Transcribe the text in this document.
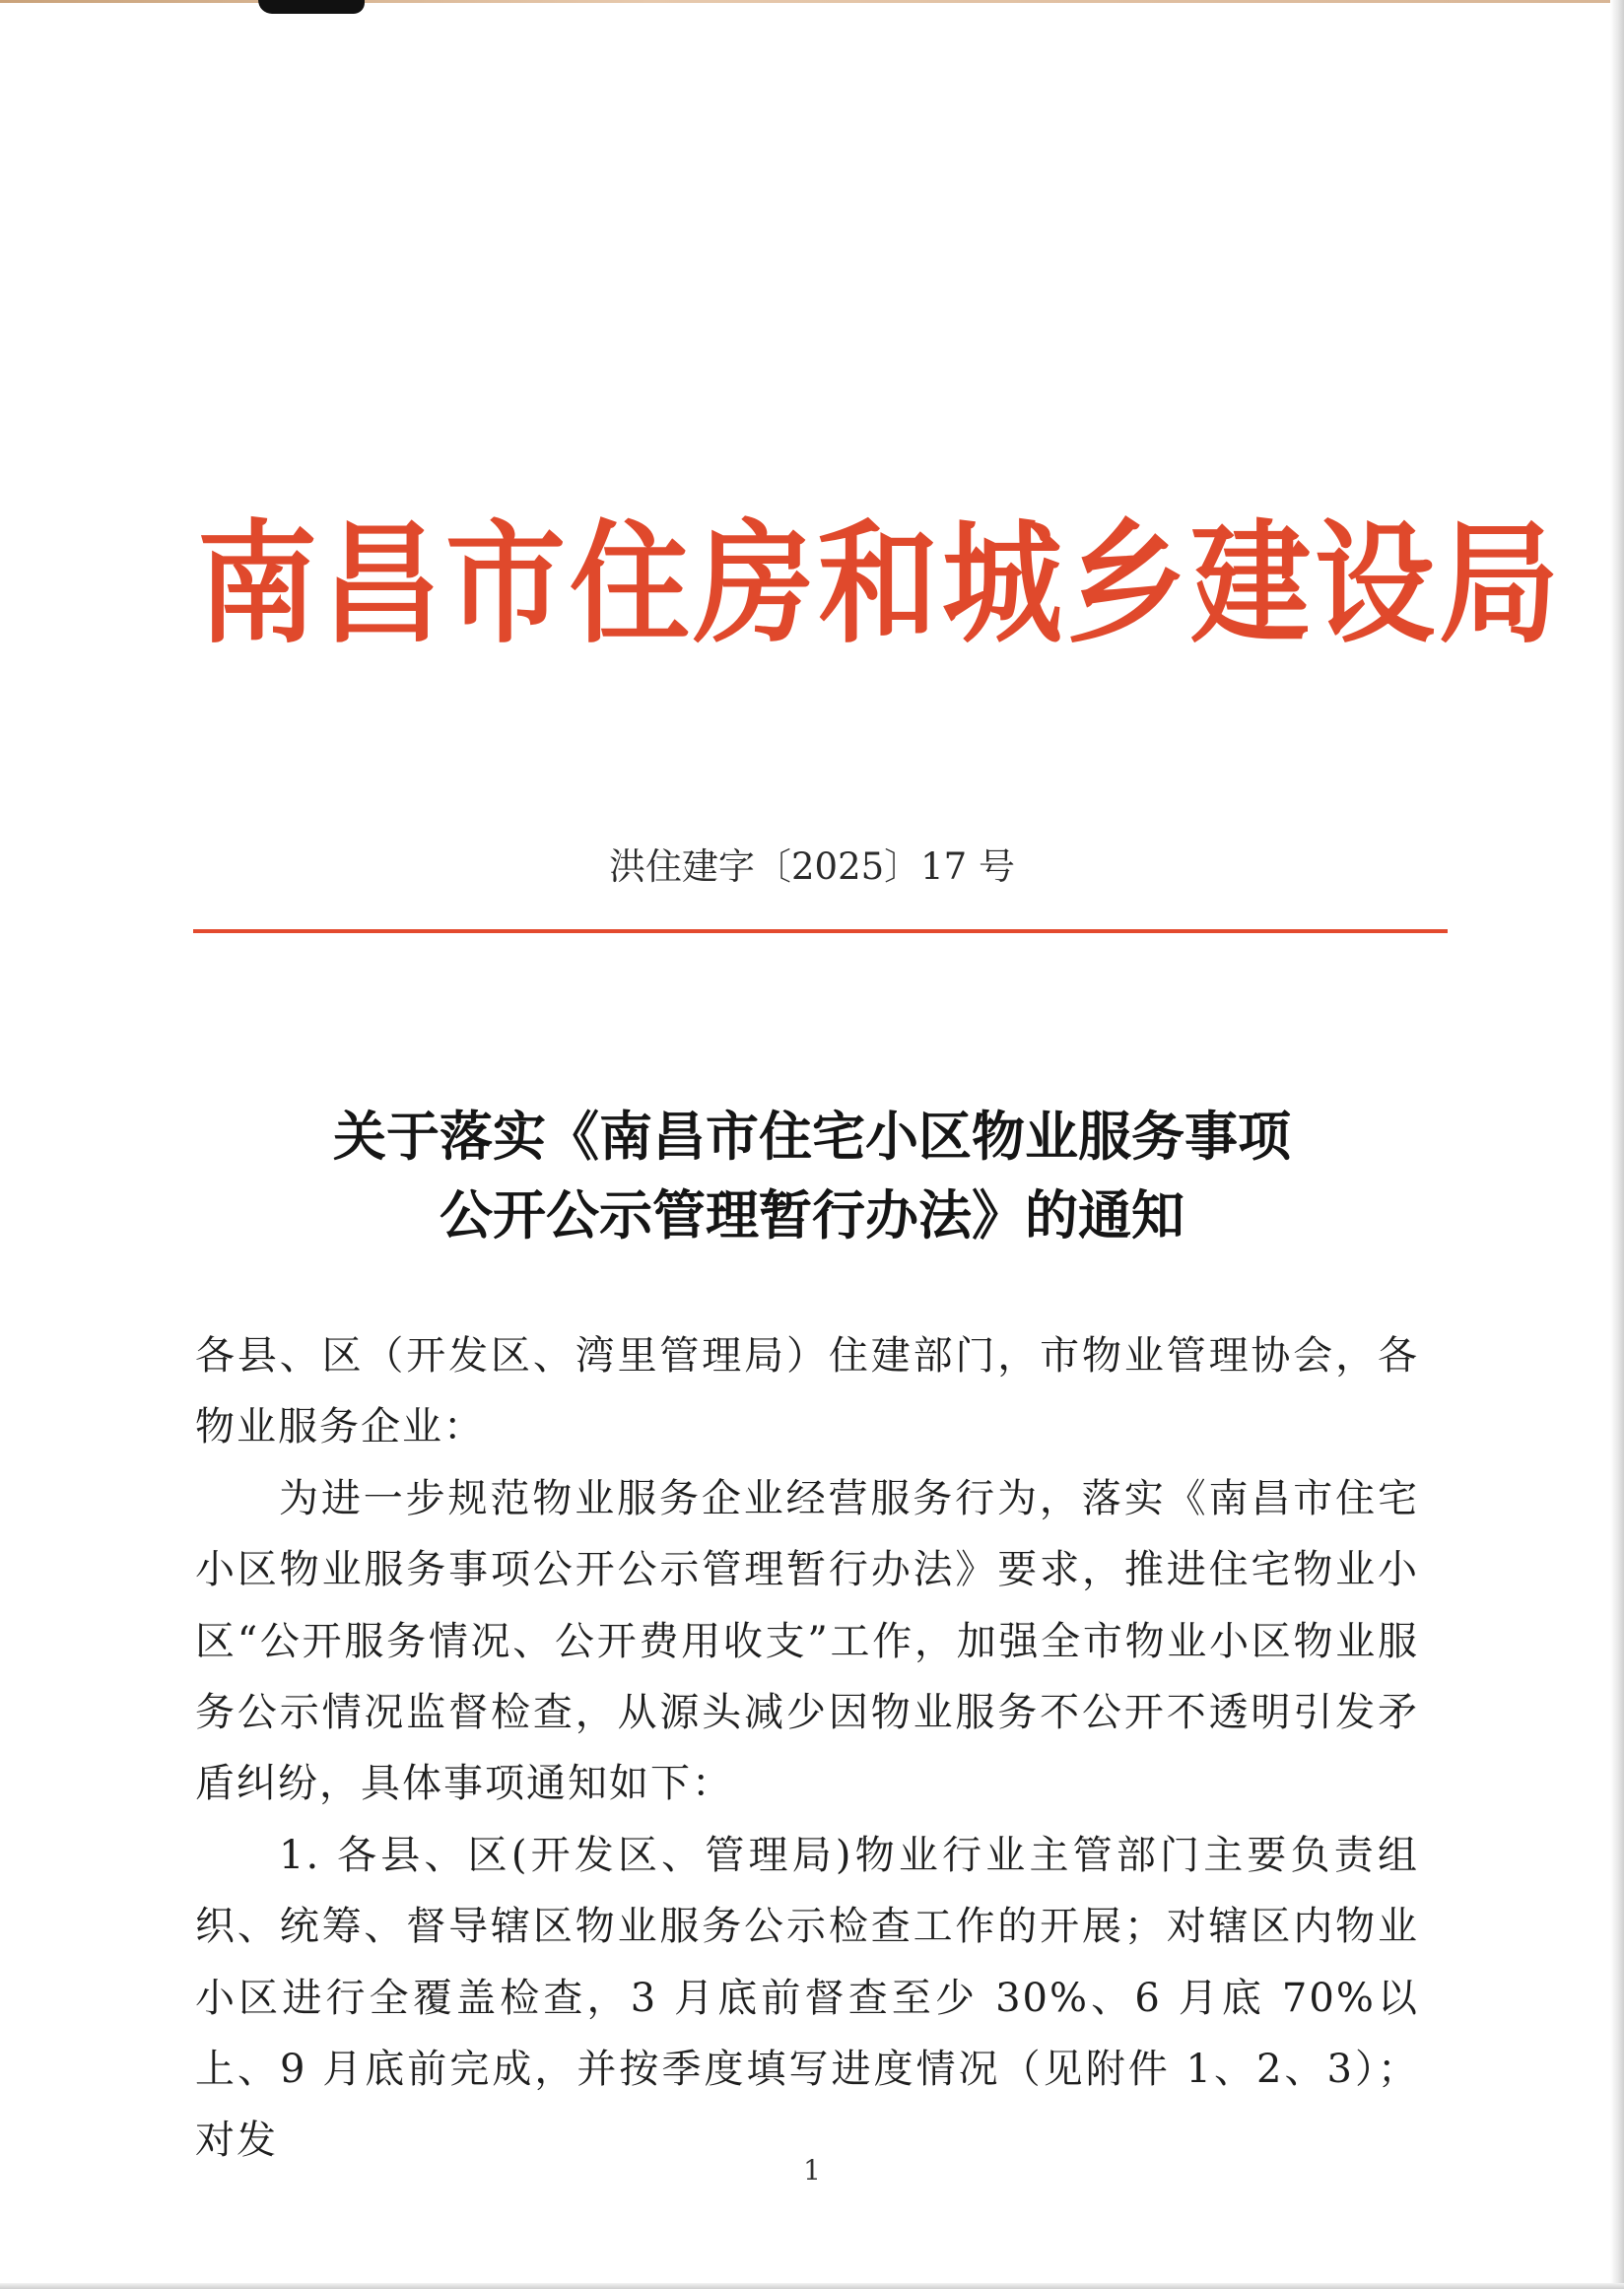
南昌市住房和城乡建设局
洪住建字〔2025〕17 号
关于落实《南昌市住宅小区物业服务事项
公开公示管理暂行办法》的通知

各县、区（开发区、湾里管理局）住建部门，市物业管理协会，各物业服务企业：

为进一步规范物业服务企业经营服务行为，落实《南昌市住宅小区物业服务事项公开公示管理暂行办法》要求，推进住宅物业小区“公开服务情况、公开费用收支”工作，加强全市物业小区物业服务公示情况监督检查，从源头减少因物业服务不公开不透明引发矛盾纠纷，具体事项通知如下：

1. 各县、区(开发区、管理局)物业行业主管部门主要负责组织、统筹、督导辖区物业服务公示检查工作的开展；对辖区内物业小区进行全覆盖检查，3 月底前督查至少 30%、6 月底 70%以上、9 月底前完成，并按季度填写进度情况（见附件 1、2、3）；对发

1
